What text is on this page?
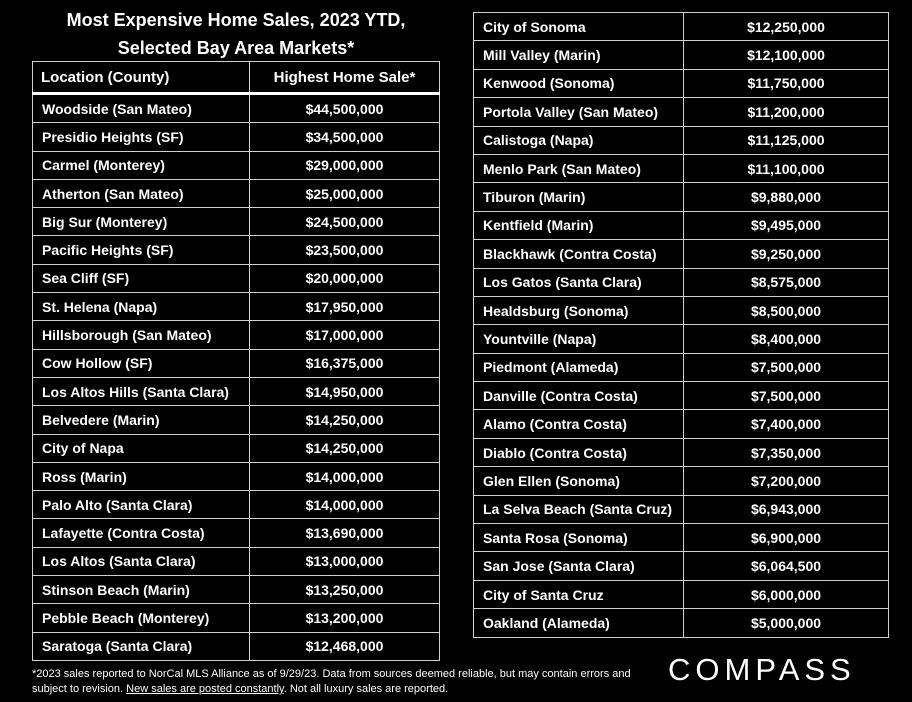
Most Expensive Home Sales, 2023 YTD,
Selected Bay Area Markets*
Location (County)	Highest Home Sale*
Woodside (San Mateo)	$44,500,000
Presidio Heights (SF)	$34,500,000
Carmel (Monterey)	$29,000,000
Atherton (San Mateo)	$25,000,000
Big Sur (Monterey)	$24,500,000
Pacific Heights (SF)	$23,500,000
Sea Cliff (SF)	$20,000,000
St. Helena (Napa)	$17,950,000
Hillsborough (San Mateo)	$17,000,000
Cow Hollow (SF)	$16,375,000
Los Altos Hills (Santa Clara)	$14,950,000
Belvedere (Marin)	$14,250,000
City of Napa	$14,250,000
Ross (Marin)	$14,000,000
Palo Alto (Santa Clara)	$14,000,000
Lafayette (Contra Costa)	$13,690,000
Los Altos (Santa Clara)	$13,000,000
Stinson Beach (Marin)	$13,250,000
Pebble Beach (Monterey)	$13,200,000
Saratoga (Santa Clara)	$12,468,000
City of Sonoma	$12,250,000
Mill Valley (Marin)	$12,100,000
Kenwood (Sonoma)	$11,750,000
Portola Valley (San Mateo)	$11,200,000
Calistoga (Napa)	$11,125,000
Menlo Park (San Mateo)	$11,100,000
Tiburon (Marin)	$9,880,000
Kentfield (Marin)	$9,495,000
Blackhawk (Contra Costa)	$9,250,000
Los Gatos (Santa Clara)	$8,575,000
Healdsburg (Sonoma)	$8,500,000
Yountville (Napa)	$8,400,000
Piedmont (Alameda)	$7,500,000
Danville (Contra Costa)	$7,500,000
Alamo (Contra Costa)	$7,400,000
Diablo (Contra Costa)	$7,350,000
Glen Ellen (Sonoma)	$7,200,000
La Selva Beach (Santa Cruz)	$6,943,000
Santa Rosa (Sonoma)	$6,900,000
San Jose (Santa Clara)	$6,064,500
City of Santa Cruz	$6,000,000
Oakland (Alameda)	$5,000,000
*2023 sales reported to NorCal MLS Alliance as of 9/29/23. Data from sources deemed reliable, but may contain errors and subject to revision. New sales are posted constantly. Not all luxury sales are reported.
COMPASS
